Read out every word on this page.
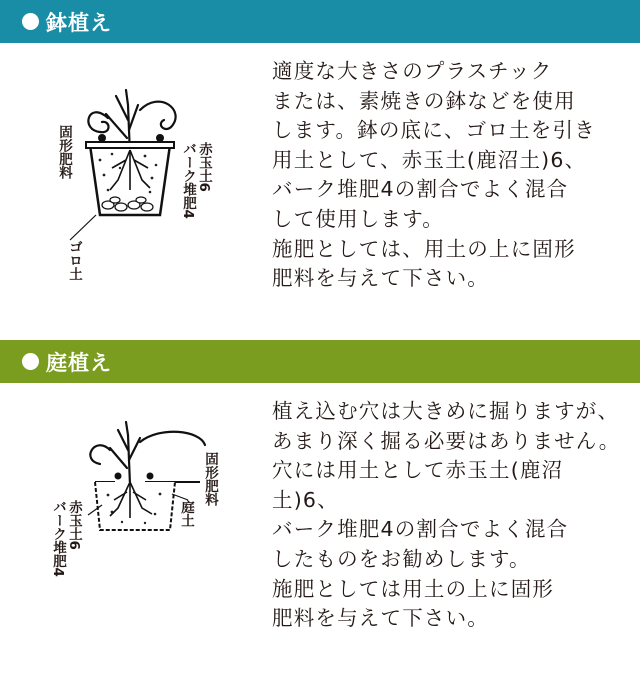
鉢植え
固形肥料	赤玉土6
バーク堆肥4
ゴロ土

適度な大きさのプラスチック

または、素焼きの鉢などを使用

します。鉢の底に、ゴロ土を引き

用土として、赤玉土(鹿沼土)6、

バーク堆肥4の割合でよく混合

して使用します。

施肥としては、用土の上に固形

肥料を与えて下さい。

庭植え
固形肥料
庭土
赤玉土6
バーク堆肥4

植え込む穴は大きめに掘りますが、

あまり深く掘る必要はありません。

穴には用土として赤玉土(鹿沼土)6、

バーク堆肥4の割合でよく混合

したものをお勧めします。

施肥としては用土の上に固形

肥料を与えて下さい。
